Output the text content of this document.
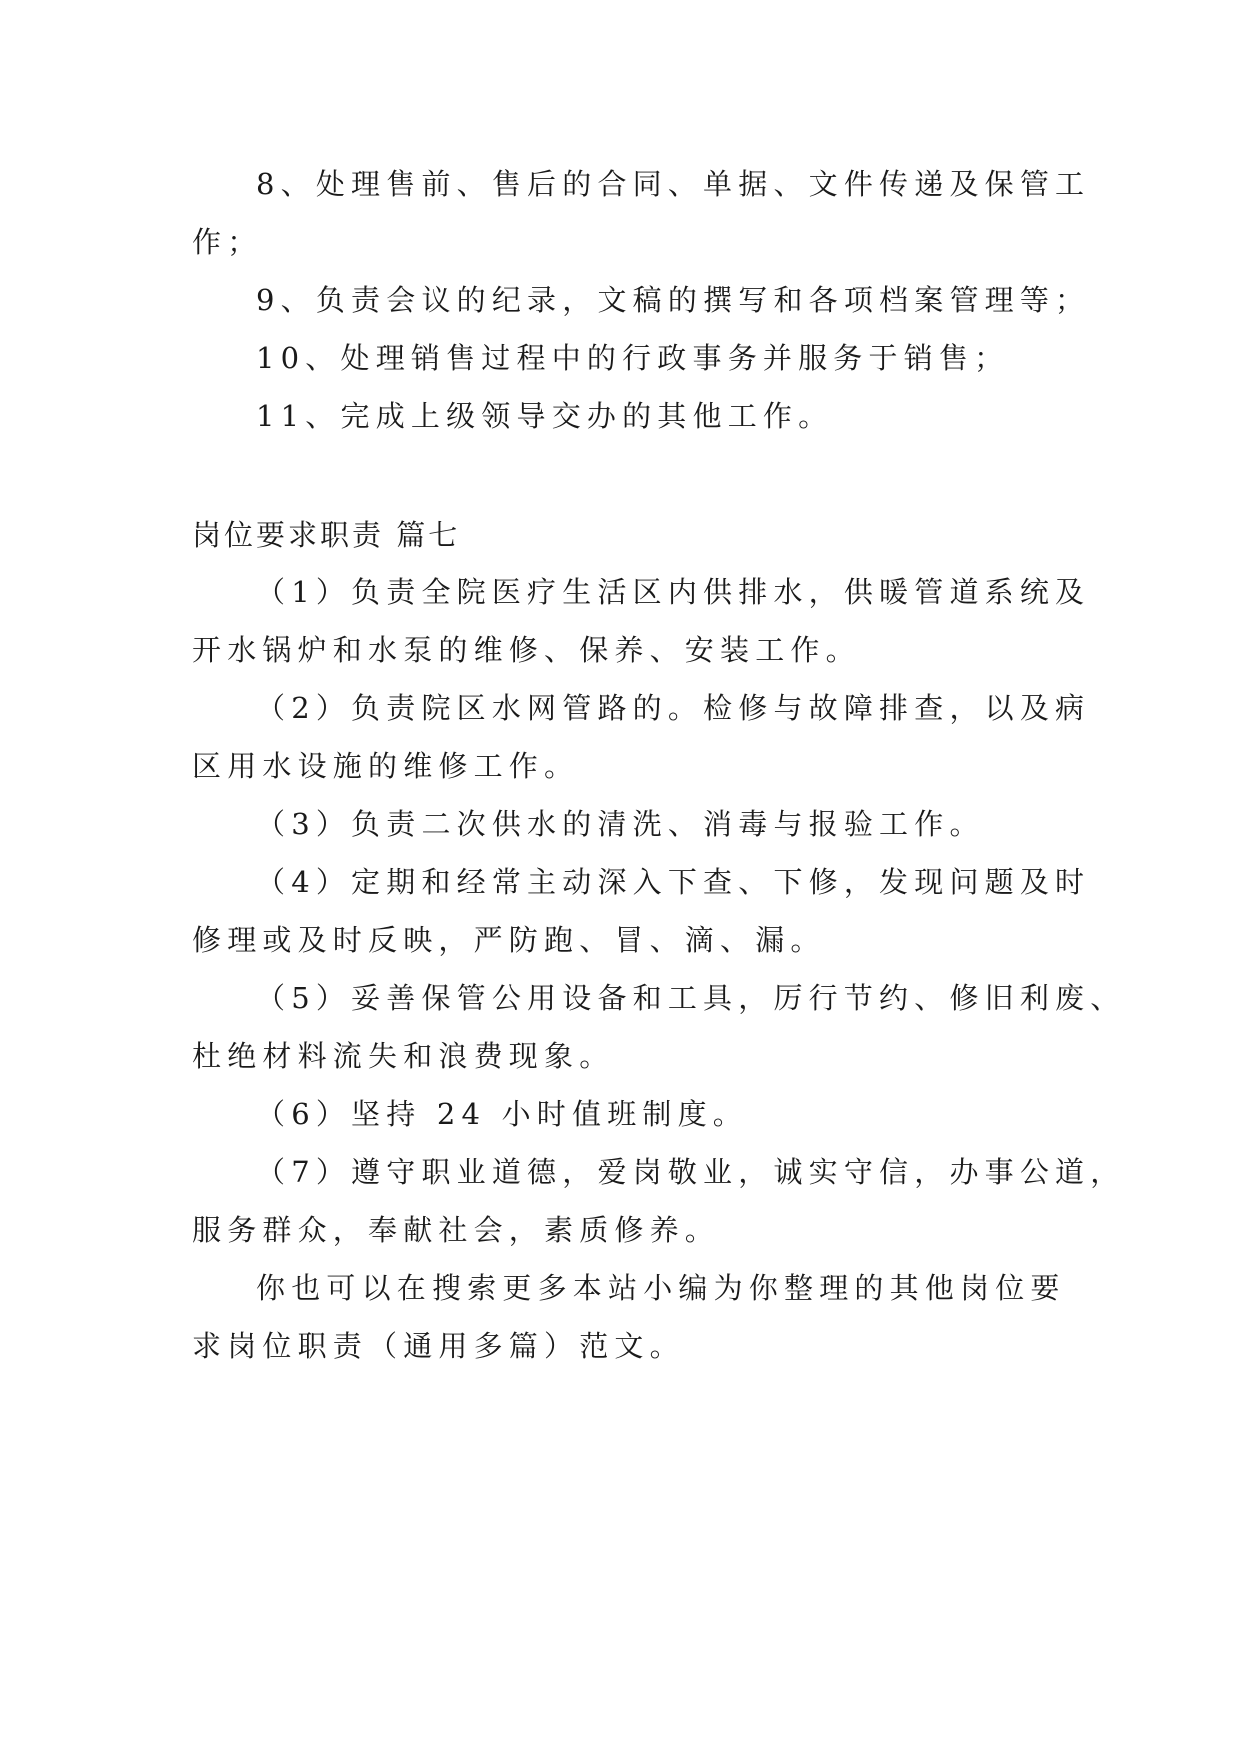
8、处理售前、售后的合同、单据、文件传递及保管工
作；
9、负责会议的纪录，文稿的撰写和各项档案管理等；
10、处理销售过程中的行政事务并服务于销售；
11、完成上级领导交办的其他工作。
岗位要求职责 篇七
（1）负责全院医疗生活区内供排水，供暖管道系统及
开水锅炉和水泵的维修、保养、安装工作。
（2）负责院区水网管路的。检修与故障排查，以及病
区用水设施的维修工作。
（3）负责二次供水的清洗、消毒与报验工作。
（4）定期和经常主动深入下查、下修，发现问题及时
修理或及时反映，严防跑、冒、滴、漏。
（5）妥善保管公用设备和工具，厉行节约、修旧利废、
杜绝材料流失和浪费现象。
（6）坚持 24 小时值班制度。
（7）遵守职业道德，爱岗敬业，诚实守信，办事公道，
服务群众，奉献社会，素质修养。
你也可以在搜索更多本站小编为你整理的其他岗位要
求岗位职责（通用多篇）范文。
